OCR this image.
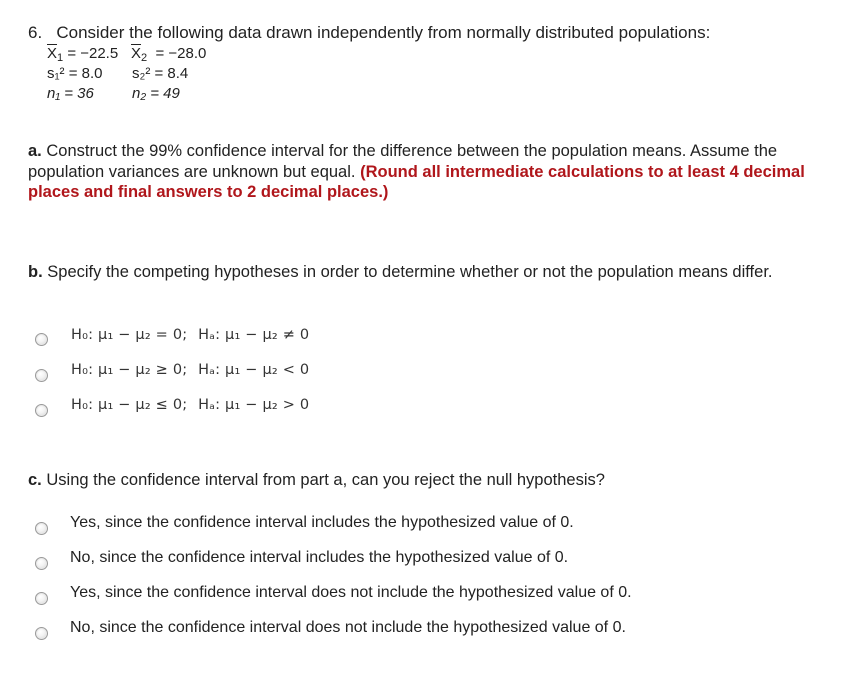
6. Consider the following data drawn independently from normally distributed populations:
$\overline{X}_1 = -22.5$ $\overline{X}_2 = -28.0$
s₁² = 8.0 s₂² = 8.4
n₁ = 36	n₂ = 49
a. Construct the 99% confidence interval for the difference between the population means. Assume the population variances are unknown but equal. (Round all intermediate calculations to at least 4 decimal places and final answers to 2 decimal places.)
b. Specify the competing hypotheses in order to determine whether or not the population means differ.
H₀: μ₁ − μ₂ = 0; Hₐ: μ₁ − μ₂ ≠ 0
H₀: μ₁ − μ₂ ≥ 0; Hₐ: μ₁ − μ₂ < 0
H₀: μ₁ − μ₂ ≤ 0; Hₐ: μ₁ − μ₂ > 0
c. Using the confidence interval from part a, can you reject the null hypothesis?
Yes, since the confidence interval includes the hypothesized value of 0.
No, since the confidence interval includes the hypothesized value of 0.
Yes, since the confidence interval does not include the hypothesized value of 0.
No, since the confidence interval does not include the hypothesized value of 0.
